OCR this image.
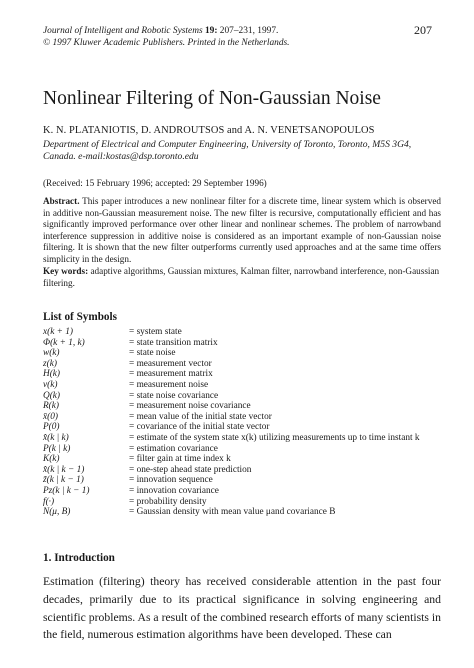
Journal of Intelligent and Robotic Systems 19: 207–231, 1997.
© 1997 Kluwer Academic Publishers. Printed in the Netherlands.
207
Nonlinear Filtering of Non-Gaussian Noise
K. N. PLATANIOTIS, D. ANDROUTSOS and A. N. VENETSANOPOULOS
Department of Electrical and Computer Engineering, University of Toronto, Toronto, M5S 3G4, Canada. e-mail:kostas@dsp.toronto.edu
(Received: 15 February 1996; accepted: 29 September 1996)
Abstract. This paper introduces a new nonlinear filter for a discrete time, linear system which is observed in additive non-Gaussian measurement noise. The new filter is recursive, computationally efficient and has significantly improved performance over other linear and nonlinear schemes. The problem of narrowband interference suppression in additive noise is considered as an important example of non-Gaussian noise filtering. It is shown that the new filter outperforms currently used approaches and at the same time offers simplicity in the design.
Key words: adaptive algorithms, Gaussian mixtures, Kalman filter, narrowband interference, non-Gaussian filtering.
List of Symbols
x(k + 1)	= system state
Φ(k + 1, k)	= state transition matrix
w(k)	= state noise
z(k)	= measurement vector
H(k)	= measurement matrix
v(k)	= measurement noise
Q(k)	= state noise covariance
R(k)	= measurement noise covariance
x̄(0)	= mean value of the initial state vector
P(0)	= covariance of the initial state vector
x̂(k | k)	= estimate of the system state x(k) utilizing measurements up to time instant k
P(k | k)	= estimation covariance
K(k)	= filter gain at time index k
x̂(k | k − 1)	= one-step ahead state prediction
z̃(k | k − 1)	= innovation sequence
Pz(k | k − 1)	= innovation covariance
f(·)	= probability density
N(μ, B)	= Gaussian density with mean value μand covariance B
1. Introduction
Estimation (filtering) theory has received considerable attention in the past four decades, primarily due to its practical significance in solving engineering and scientific problems. As a result of the combined research efforts of many scientists in the field, numerous estimation algorithms have been developed. These can
